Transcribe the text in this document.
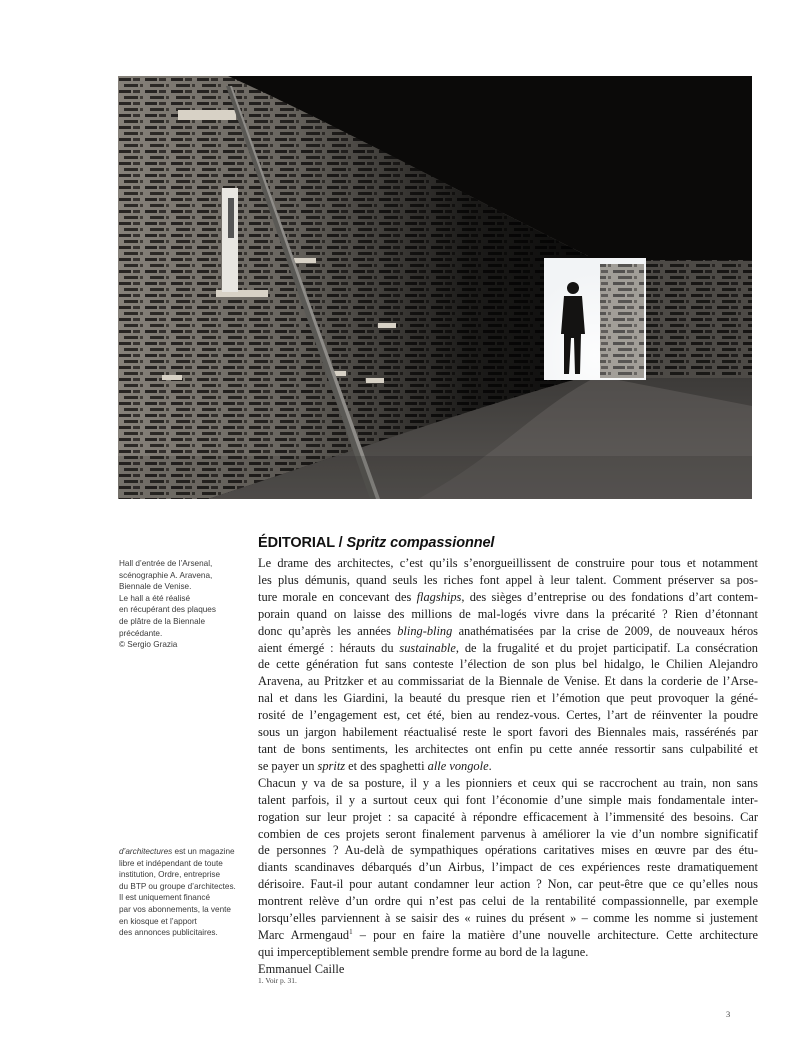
Hall d’entrée de l’Arsenal,
scénographie A. Aravena,
Biennale de Venise.
Le hall a été réalisé
en récupérant des plaques
de plâtre de la Biennale
précédante.
© Sergio Grazia
d’architectures est un magazine
libre et indépendant de toute
institution, Ordre, entreprise
du BTP ou groupe d’architectes.
Il est uniquement financé
par vos abonnements, la vente
en kiosque et l’apport
des annonces publicitaires.
ÉDITORIAL / Spritz compassionnel
Le drame des architectes, c’est qu’ils s’enorgueillissent de construire pour tous et notamment
les plus démunis, quand seuls les riches font appel à leur talent. Comment préserver sa pos-
ture morale en concevant des flagships, des sièges d’entreprise ou des fondations d’art contem-
porain quand on laisse des millions de mal-logés vivre dans la précarité ? Rien d’étonnant
donc qu’après les années bling-bling anathématisées par la crise de 2009, de nouveaux héros
aient émergé : hérauts du sustainable, de la frugalité et du projet participatif. La consécration
de cette génération fut sans conteste l’élection de son plus bel hidalgo, le Chilien Alejandro
Aravena, au Pritzker et au commissariat de la Biennale de Venise. Et dans la corderie de l’Arse-
nal et dans les Giardini, la beauté du presque rien et l’émotion que peut provoquer la géné-
rosité de l’engagement est, cet été, bien au rendez-vous. Certes, l’art de réinventer la poudre
sous un jargon habilement réactualisé reste le sport favori des Biennales mais, rassérénés par
tant de bons sentiments, les architectes ont enfin pu cette année ressortir sans culpabilité et
se payer un spritz et des spaghetti alle vongole.
Chacun y va de sa posture, il y a les pionniers et ceux qui se raccrochent au train, non sans
talent parfois, il y a surtout ceux qui font l’économie d’une simple mais fondamentale inter-
rogation sur leur projet : sa capacité à répondre efficacement à l’immensité des besoins. Car
combien de ces projets seront finalement parvenus à améliorer la vie d’un nombre significatif
de personnes ? Au-delà de sympathiques opérations caritatives mises en œuvre par des étu-
diants scandinaves débarqués d’un Airbus, l’impact de ces expériences reste dramatiquement
dérisoire. Faut-il pour autant condamner leur action ? Non, car peut-être que ce qu’elles nous
montrent relève d’un ordre qui n’est pas celui de la rentabilité compassionnelle, par exemple
lorsqu’elles parviennent à se saisir des « ruines du présent » – comme les nomme si justement
Marc Armengaud$^1$ – pour en faire la matière d’une nouvelle architecture. Cette architecture
qui imperceptiblement semble prendre forme au bord de la lagune.
Emmanuel Caille
1. Voir p. 31.
3
